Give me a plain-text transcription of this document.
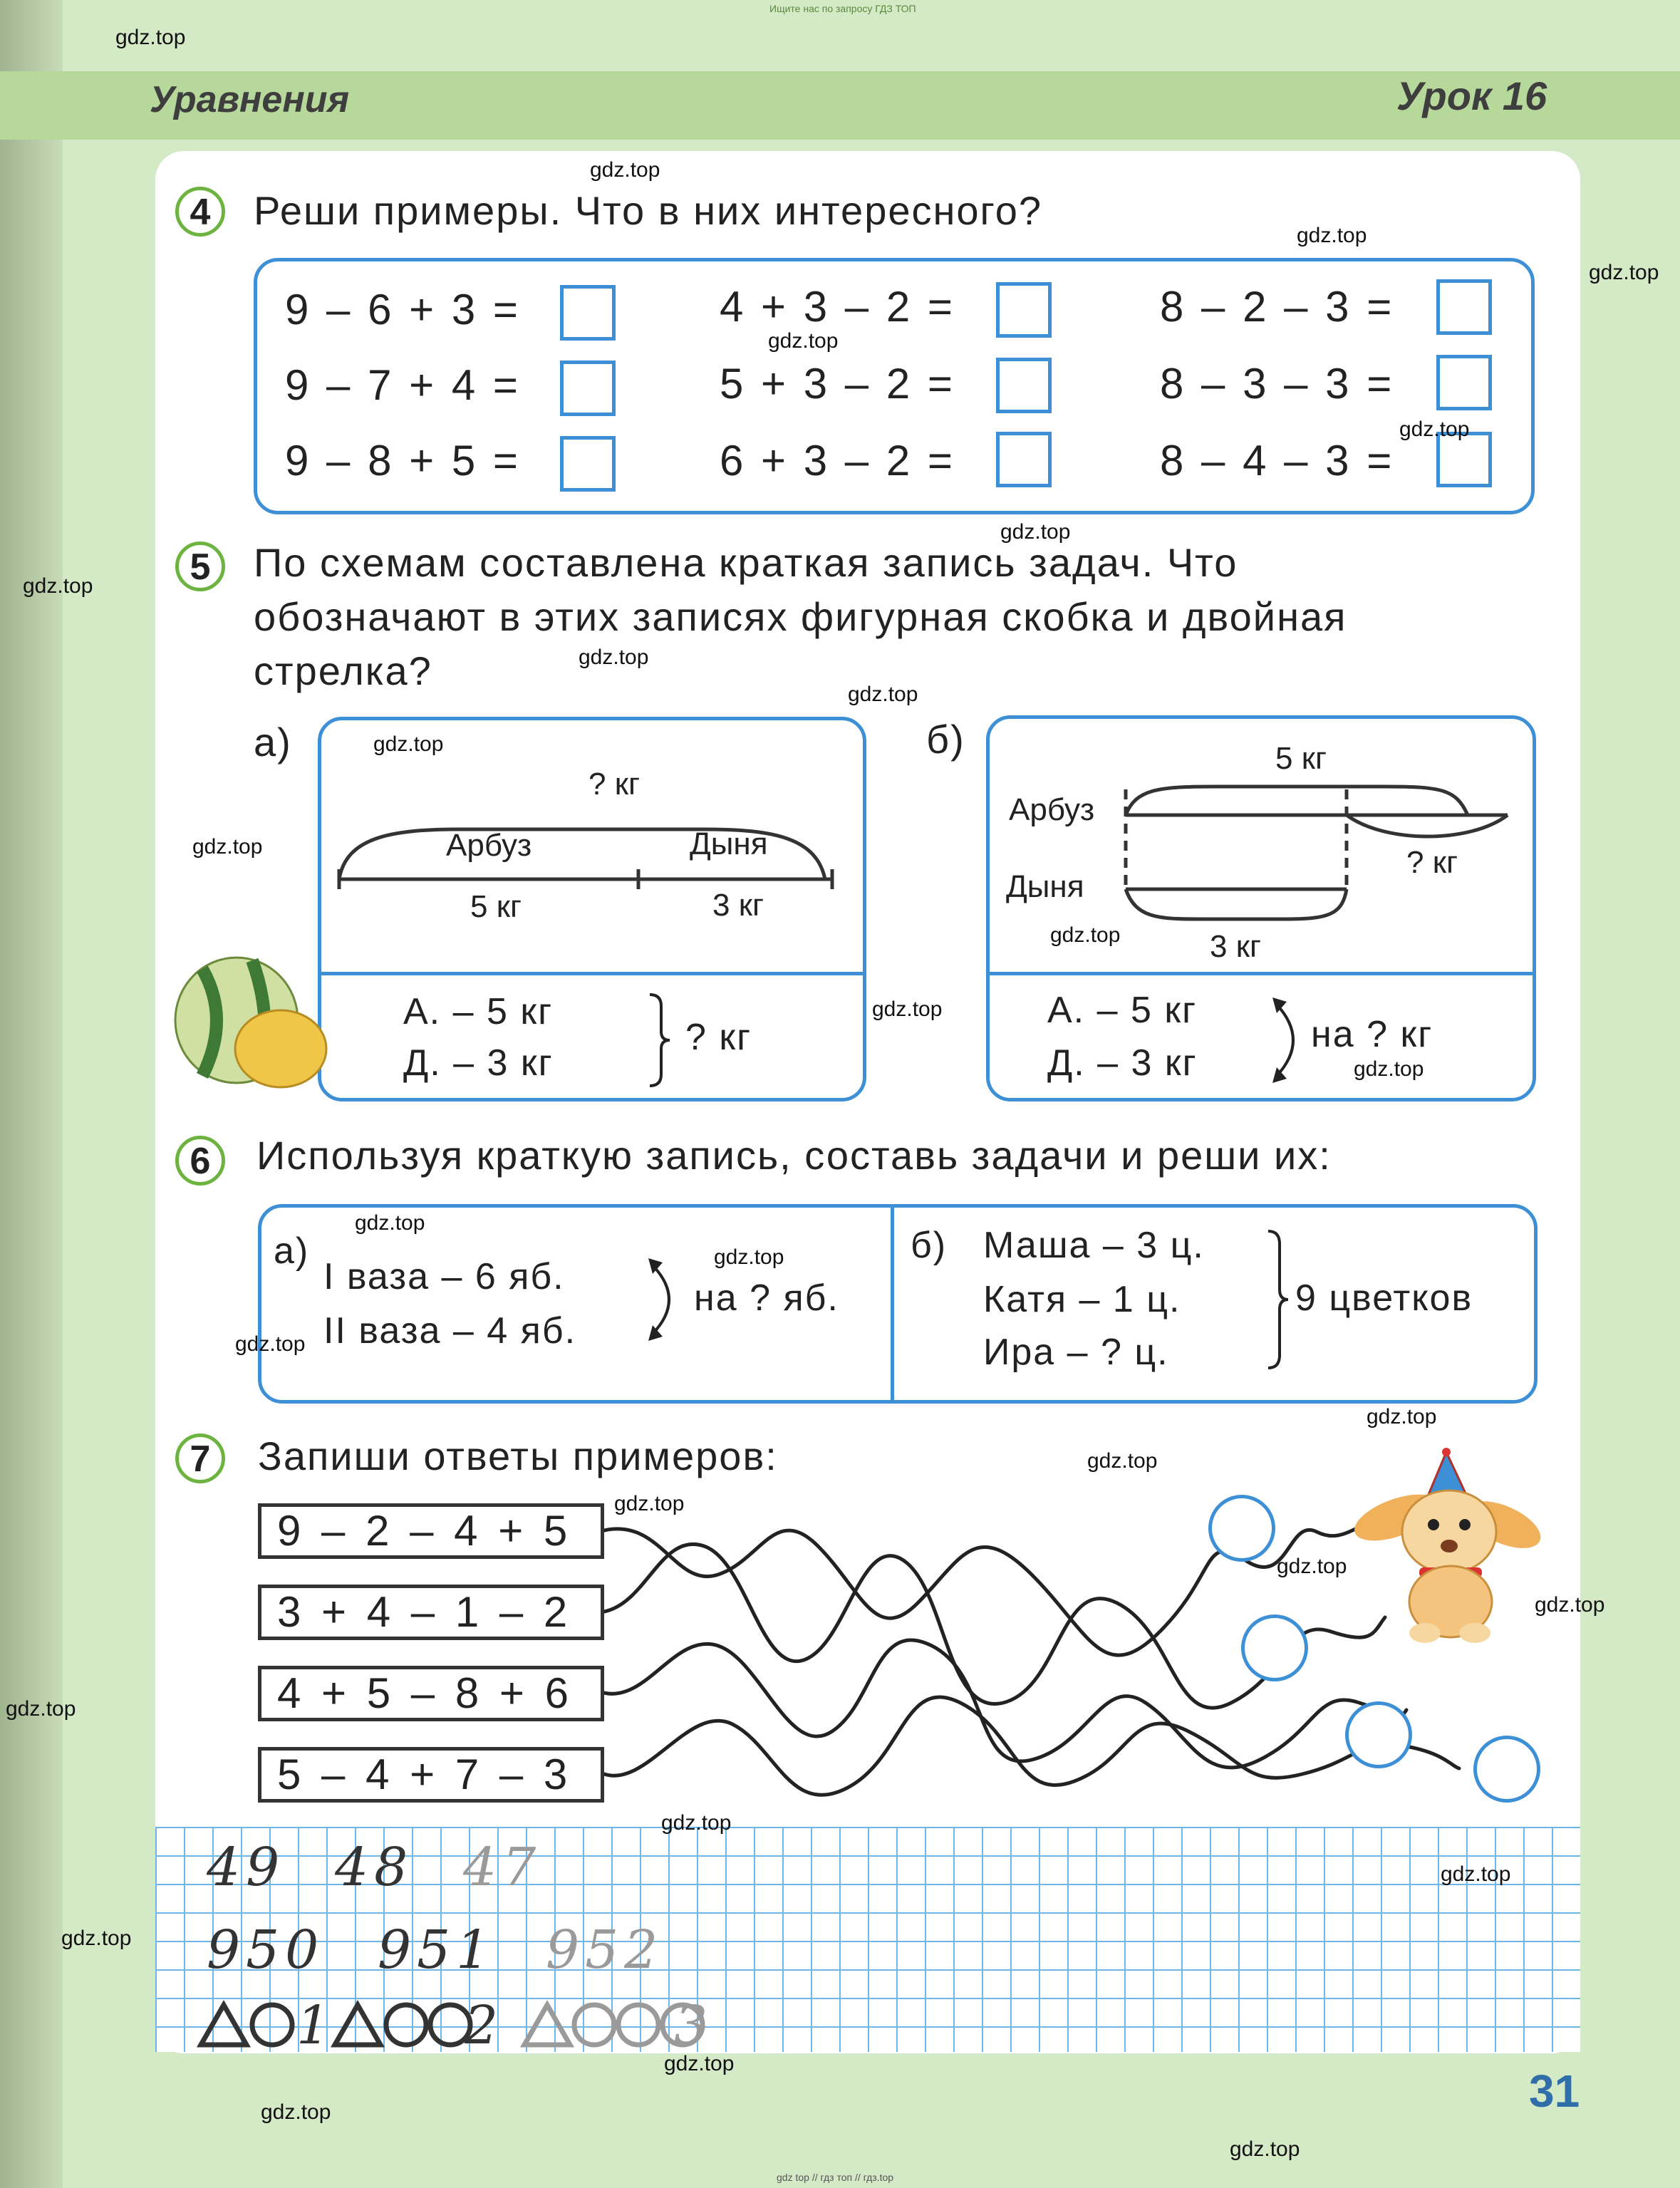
Ищите нас по запросу ГДЗ ТОП
Уравнения	Урок 16
4	Реши примеры. Что в них интересного?
9 – 6 + 3 =	4 + 3 – 2 =	8 – 2 – 3 =
9 – 7 + 4 =	5 + 3 – 2 =	8 – 3 – 3 =
9 – 8 + 5 =	6 + 3 – 2 =	8 – 4 – 3 =
5	По схемам составлена краткая запись задач. Что
обозначают в этих записях фигурная скобка и двойная
стрелка?
а)	б)
? кг
Арбуз	Дыня
5 кг	3 кг
А. – 5 кг
Д. – 3 кг
? кг
5 кг
Арбуз
? кг
Дыня
3 кг
А. – 5 кг
Д. – 3 кг
на ? кг
6	Используя краткую запись, составь задачи и реши их:
а)
I ваза – 6 яб.
II ваза – 4 яб.
на ? яб.
б) Маша – 3 ц.
Катя – 1 ц.
Ира – ? ц.
9 цветков
7	Запиши ответы примеров:
9 – 2 – 4 + 5
3 + 4 – 1 – 2
4 + 5 – 8 + 6
5 – 4 + 7 – 3
49 48 47
950 951 952
1 2	3
31
gdz top // гдз топ // гдз.top
gdz.top
gdz.top
gdz.top
gdz.top
gdz.top
gdz.top
gdz.top
gdz.top
gdz.top
gdz.top
gdz.top
gdz.top
gdz.top
gdz.top
gdz.top
gdz.top
gdz.top
gdz.top
gdz.top
gdz.top
gdz.top
gdz.top
gdz.top
gdz.top
gdz.top
gdz.top
gdz.top
gdz.top
gdz.top
gdz.top
